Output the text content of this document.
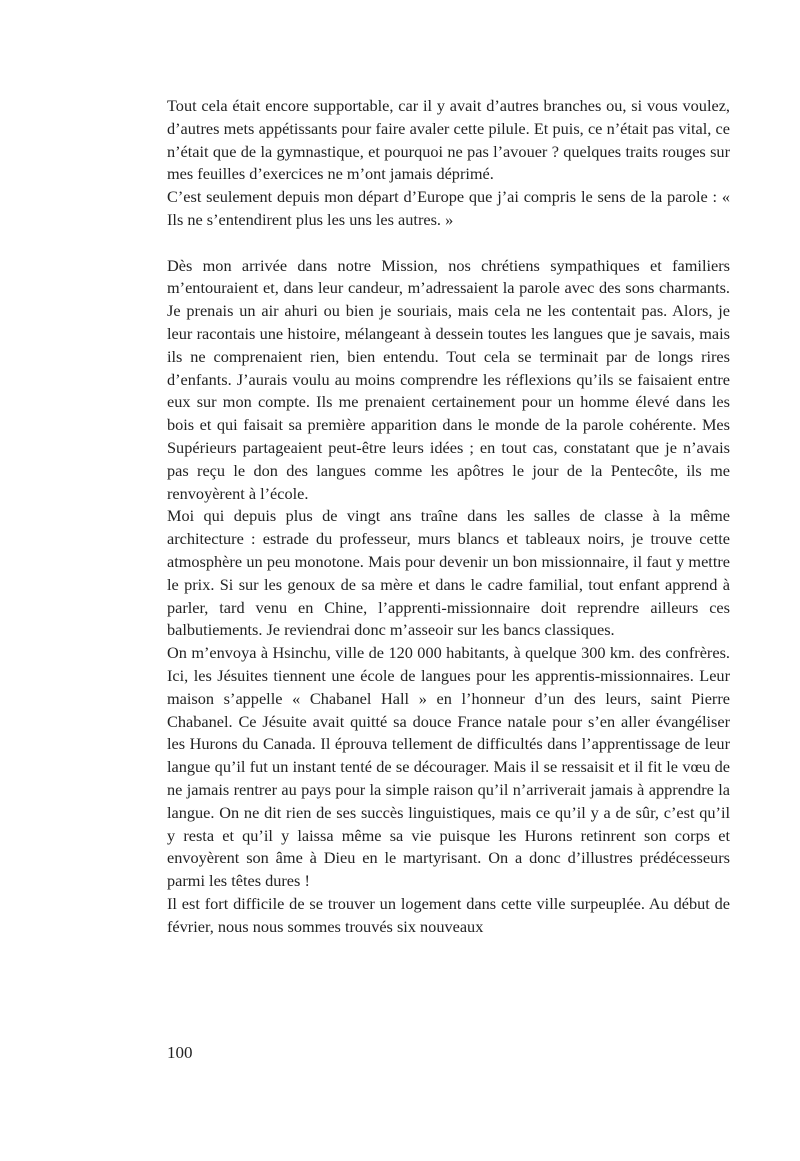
Tout cela était encore supportable, car il y avait d’autres branches ou, si vous voulez, d’autres mets appétissants pour faire avaler cette pilule. Et puis, ce n’était pas vital, ce n’était que de la gymnastique, et pourquoi ne pas l’avouer ? quelques traits rouges sur mes feuilles d’exercices ne m’ont jamais déprimé.

C’est seulement depuis mon départ d’Europe que j’ai compris le sens de la parole : « Ils ne s’entendirent plus les uns les autres. »

Dès mon arrivée dans notre Mission, nos chrétiens sympathiques et familiers m’entouraient et, dans leur candeur, m’adressaient la parole avec des sons charmants. Je prenais un air ahuri ou bien je souriais, mais cela ne les contentait pas. Alors, je leur racontais une histoire, mélangeant à dessein toutes les langues que je savais, mais ils ne comprenaient rien, bien entendu. Tout cela se terminait par de longs rires d’enfants. J’aurais voulu au moins comprendre les réflexions qu’ils se faisaient entre eux sur mon compte. Ils me prenaient certainement pour un homme élevé dans les bois et qui faisait sa première apparition dans le monde de la parole cohérente. Mes Supérieurs partageaient peut-être leurs idées ; en tout cas, constatant que je n’avais pas reçu le don des langues comme les apôtres le jour de la Pentecôte, ils me renvoyèrent à l’école.

Moi qui depuis plus de vingt ans traîne dans les salles de classe à la même architecture : estrade du professeur, murs blancs et tableaux noirs, je trouve cette atmosphère un peu monotone. Mais pour devenir un bon missionnaire, il faut y mettre le prix. Si sur les genoux de sa mère et dans le cadre familial, tout enfant apprend à parler, tard venu en Chine, l’apprenti-missionnaire doit reprendre ailleurs ces balbutiements. Je reviendrai donc m’asseoir sur les bancs classiques.

On m’envoya à Hsinchu, ville de 120 000 habitants, à quelque 300 km. des confrères. Ici, les Jésuites tiennent une école de langues pour les apprentis-missionnaires. Leur maison s’appelle « Chabanel Hall » en l’honneur d’un des leurs, saint Pierre Chabanel. Ce Jésuite avait quitté sa douce France natale pour s’en aller évangéliser les Hurons du Canada. Il éprouva tellement de difficultés dans l’apprentissage de leur langue qu’il fut un instant tenté de se décourager. Mais il se ressaisit et il fit le vœu de ne jamais rentrer au pays pour la simple raison qu’il n’arriverait jamais à apprendre la langue. On ne dit rien de ses succès linguistiques, mais ce qu’il y a de sûr, c’est qu’il y resta et qu’il y laissa même sa vie puisque les Hurons retinrent son corps et envoyèrent son âme à Dieu en le martyrisant. On a donc d’illustres prédécesseurs parmi les têtes dures !

Il est fort difficile de se trouver un logement dans cette ville surpeuplée. Au début de février, nous nous sommes trouvés six nouveaux

100
